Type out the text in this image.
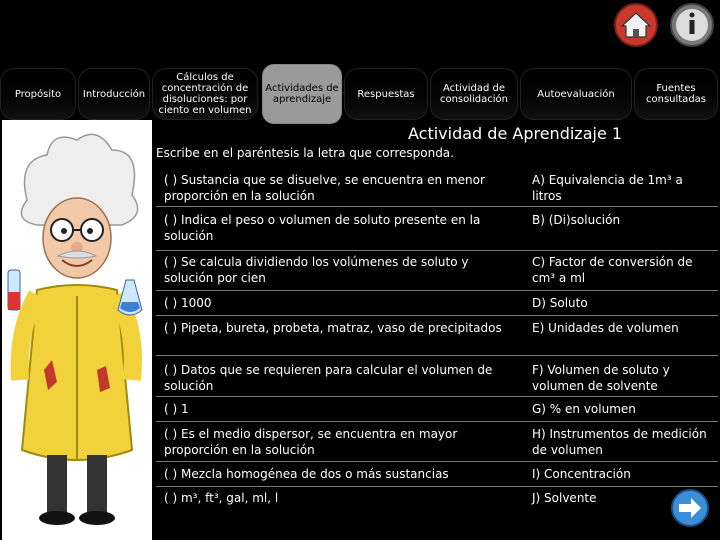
Propósito Introducción
Cálculos de concentración de disoluciones: por ciento en volumen
Actividades de aprendizaje	Respuestas	Actividad de consolidación	Autoevaluación	Fuentes consultadas
Actividad de Aprendizaje 1
Escribe en el paréntesis la letra que corresponda.
( ) Sustancia que se disuelve, se encuentra en menor proporción en la solución
A) Equivalencia de 1m³ a litros
( ) Indica el peso o volumen de soluto presente en la solución
B) (Di)solución
( ) Se calcula dividiendo los volúmenes de soluto y solución por cien
C) Factor de conversión de cm³ a ml
( ) 1000	D) Soluto
( ) Pipeta, bureta, probeta, matraz, vaso de precipitados	E) Unidades de volumen
( ) Datos que se requieren para calcular el volumen de solución
F) Volumen de soluto y volumen de solvente
( ) 1	G) % en volumen
( ) Es el medio dispersor, se encuentra en mayor proporción en la solución
H) Instrumentos de medición de volumen
( ) Mezcla homogénea de dos o más sustancias	I) Concentración
( ) m³, ft³, gal, ml, l	J) Solvente
